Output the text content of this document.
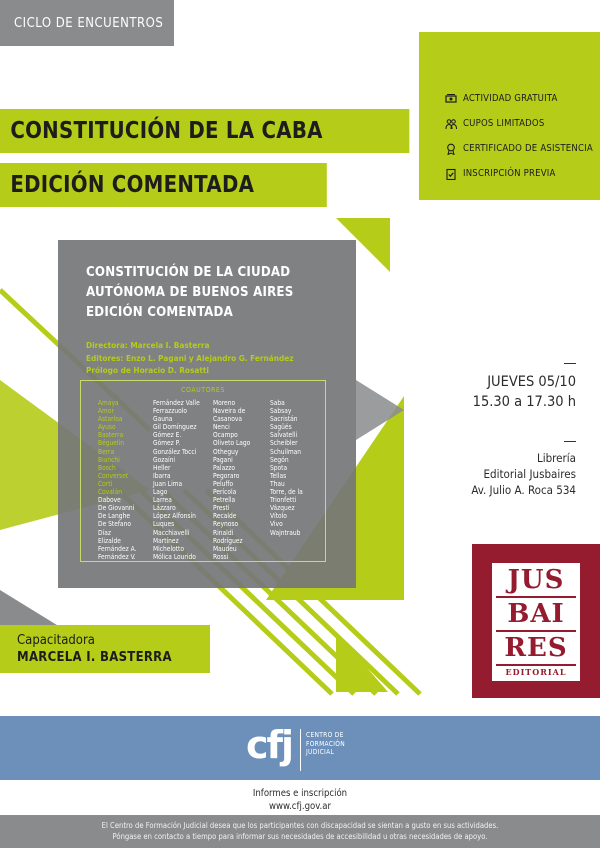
CICLO DE ENCUENTROS
ACTIVIDAD GRATUITA
CUPOS LIMITADOS
CERTIFICADO DE ASISTENCIA
INSCRIPCIÓN PREVIA
CONSTITUCIÓN DE LA CABA
EDICIÓN COMENTADA
CONSTITUCIÓN DE LA CIUDAD
AUTÓNOMA DE BUENOS AIRES
EDICIÓN COMENTADA
Directora: Marcela I. Basterra
Editores: Enzo L. Pagani y Alejandro G. Fernández
Prólogo de Horacio D. Rosatti
COAUTORES
Amaya
Amor
Astarloa
Ayuso
Basterra
Béguelin
Berra
Bianchi
Bosch
Converset
Corti
Covalán
Dabove
De Giovanni
De Langhe
De Stefano
Díaz
Elizalde
Fernández A.
Fernández V.
Fernández Valle
Ferrazzuolo
Gauna
Gil Domínguez
Gómez E.
Gómez P.
González Tocci
Gozaíni
Heller
Ibarra
Juan Lima
Lago
Larrea
Lázzaro
López Alfonsín
Luques
Macchiavelli
Martínez
Michelotto
Mólica Lourido
Moreno
Naveira de
Casanova
Nenci
Ocampo
Oliveto Lago
Otheguy
Pagani
Palazzo
Pegoraro
Peluffo
Perícola
Petrella
Presti
Recalde
Reynoso
Rinaldi
Rodríguez
Maudeu
Rossi
Saba
Sabsay
Sacristán
Sagüés
Salvatelli
Scheibler
Schuilman
Segón
Spota
Tellas
Thau
Torre, de la
Trionfetti
Vázquez
Vítolo
Vivo
Wajntraub
JUEVES 05/10
15.30 a 17.30 h
Librería
Editorial Jusbaires
Av. Julio A. Roca 534
JUS
BAI
RES
EDITORIAL
Capacitadora
MARCELA I. BASTERRA
cfj CENTRO DE
FORMACIÓN
JUDICIAL
Informes e inscripción
www.cfj.gov.ar
El Centro de Formación Judicial desea que los participantes con discapacidad se sientan a gusto en sus actividades.
Póngase en contacto a tiempo para informar sus necesidades de accesibilidad u otras necesidades de apoyo.
